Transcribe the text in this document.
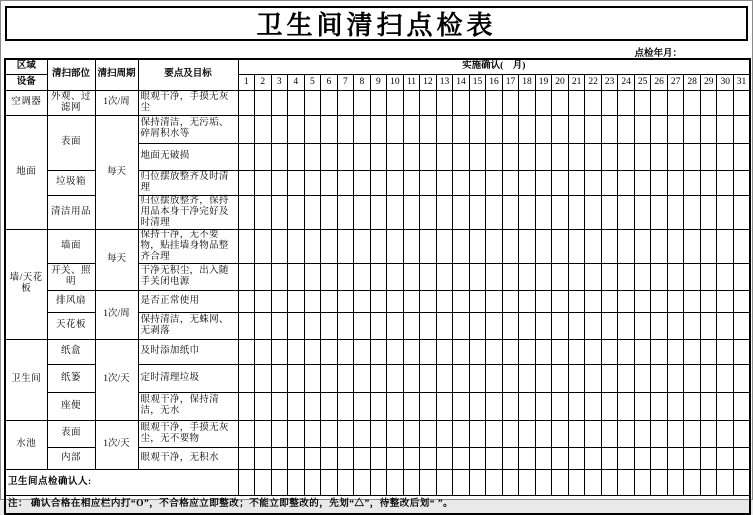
卫生间清扫点检表
点检年月：
区域	清扫部位	清扫周期	要点及目标	实施确认(　月)																														
设备				1	2	3	4	5	6	7	8	9	10	11	12	13	14	15	16	17	18	19	20	21	22	23	24	25	26	27	28	29	30	31
空调器	外观、过滤网	1次/周	眼观干净，手摸无灰尘																															
地面	表面	每天	保持清洁，无污垢、碎屑积水等																															
			地面无破损																															
	垃圾箱		归位摆放整齐及时清理																															
	清洁用品		归位摆放整齐，保持用品本身干净完好及时清理																															
墙/天花板	墙面	每天	保持干净，无不要物，贴挂墙身物品整齐合理																															
	开关、照明		干净无积尘，出入随手关闭电源																															
	排风扇	1次/周	是否正常使用																															
	天花板		保持清洁，无蛛网、无剥落																															
卫生间	纸盒	1次/天	及时添加纸巾																															
	纸篓		定时清理垃圾																															
	座便		眼观干净，保持清洁，无水																															
水池	表面	1次/天	眼观干净，手摸无灰尘，无不要物																															
	内部		眼观干净，无积水																															
卫生间点检确认人:																																		
注： 确认合格在相应栏内打“O”，不合格应立即整改；不能立即整改的，先划“△”，待整改后划“ ”。																																		
